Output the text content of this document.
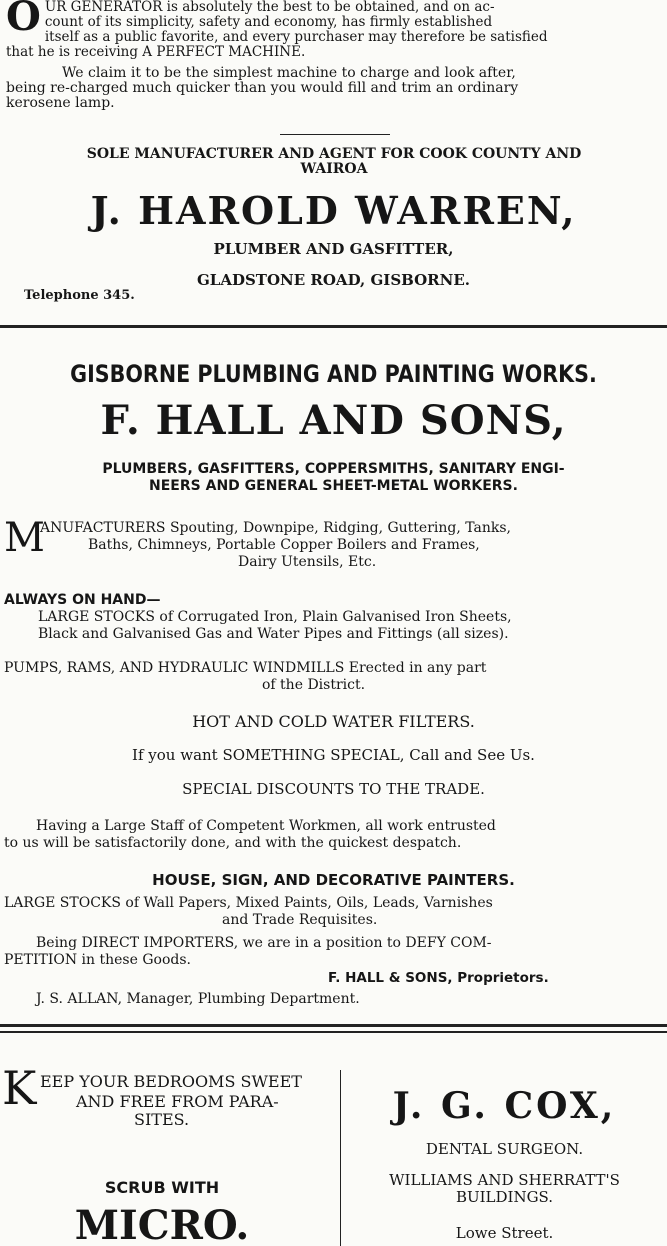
O UR GENERATOR is absolutely the best to be obtained, and on ac-
count of its simplicity, safety and economy, has firmly established
itself as a public favorite, and every purchaser may therefore be satisfied
that he is receiving A PERFECT MACHINE.
We claim it to be the simplest machine to charge and look after,
being re-charged much quicker than you would fill and trim an ordinary
kerosene lamp.
SOLE MANUFACTURER AND AGENT FOR COOK COUNTY AND
WAIROA
J. HAROLD WARREN,
PLUMBER AND GASFITTER,
GLADSTONE ROAD, GISBORNE.
Telephone 345.
GISBORNE PLUMBING AND PAINTING WORKS.
F. HALL AND SONS,
PLUMBERS, GASFITTERS, COPPERSMITHS, SANITARY ENGI-
NEERS AND GENERAL SHEET-METAL WORKERS.
M
ANUFACTURERS Spouting, Downpipe, Ridging, Guttering, Tanks,
Baths, Chimneys, Portable Copper Boilers and Frames,
Dairy Utensils, Etc.
ALWAYS ON HAND—
LARGE STOCKS of Corrugated Iron, Plain Galvanised Iron Sheets,
Black and Galvanised Gas and Water Pipes and Fittings (all sizes).
PUMPS, RAMS, AND HYDRAULIC WINDMILLS Erected in any part
of the District.
HOT AND COLD WATER FILTERS.
If you want SOMETHING SPECIAL, Call and See Us.
SPECIAL DISCOUNTS TO THE TRADE.
Having a Large Staff of Competent Workmen, all work entrusted
to us will be satisfactorily done, and with the quickest despatch.
HOUSE, SIGN, AND DECORATIVE PAINTERS.
LARGE STOCKS of Wall Papers, Mixed Paints, Oils, Leads, Varnishes
and Trade Requisites.
Being DIRECT IMPORTERS, we are in a position to DEFY COM-
PETITION in these Goods.
F. HALL & SONS, Proprietors.
J. S. ALLAN, Manager, Plumbing Department.
K EEP YOUR BEDROOMS SWEET
AND FREE FROM PARA-
SITES.
SCRUB WITH
MICRO.
J. G. COX,
DENTAL SURGEON.
WILLIAMS AND SHERRATT'S
BUILDINGS.
Lowe Street.
